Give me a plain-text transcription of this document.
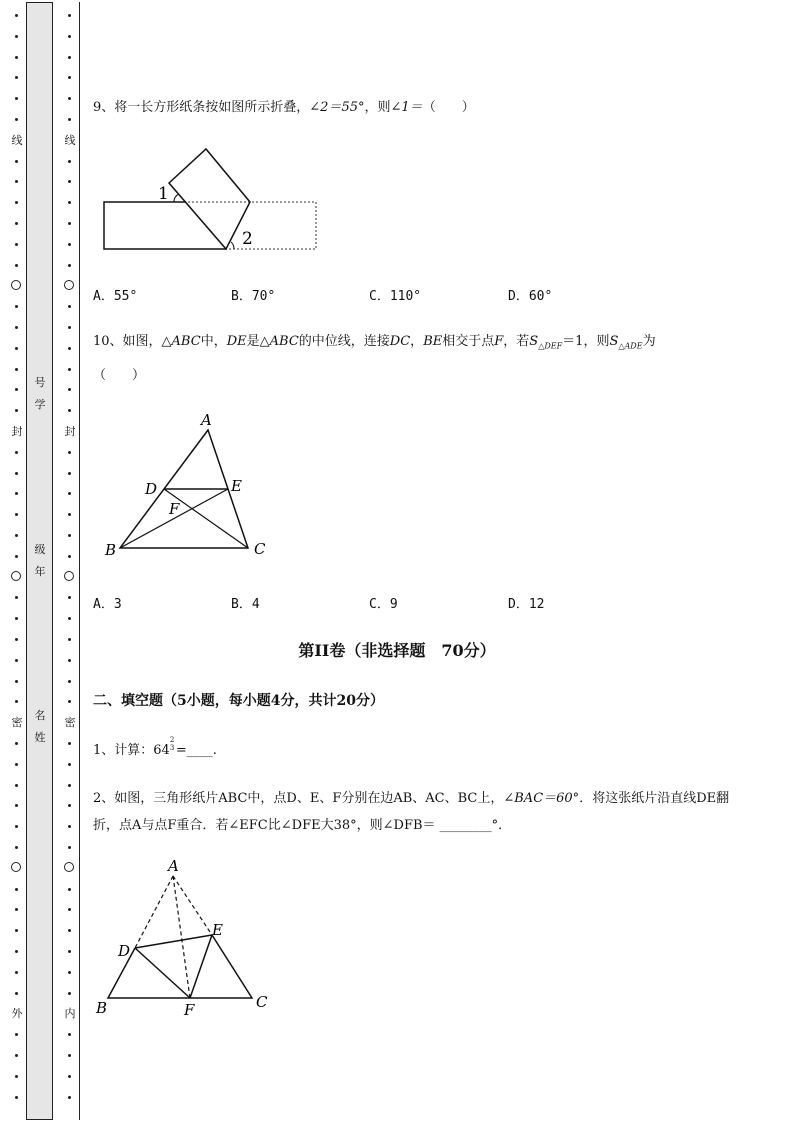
线
封
密
外
线
封
密
内
号
学
级
年
名
姓
9、将一长方形纸条按如图所示折叠，∠2＝55°，则∠1＝（　　）
1
2
A．55°	B．70°	C．110°	D．60°
10、如图，△ABC中，DE是△ABC的中位线，连接DC，BE相交于点F，若$S_{\triangle DEF}=1$，则$S_{\triangle ADE}$为
（　　）
A
D	E
F
B	C
A．3	B．4	C．9	D．12
第II卷（非选择题　70分）
二、填空题（5小题，每小题4分，共计20分）
1、计算：64
2
3 =____.
2、如图，三角形纸片ABC中，点D、E、F分别在边AB、AC、BC上，∠BAC＝60°．将这张纸片沿直线DE翻
折，点A与点F重合．若∠EFC比∠DFE大38°，则∠DFB＝ ________°．
A
D
E
B	F	C
